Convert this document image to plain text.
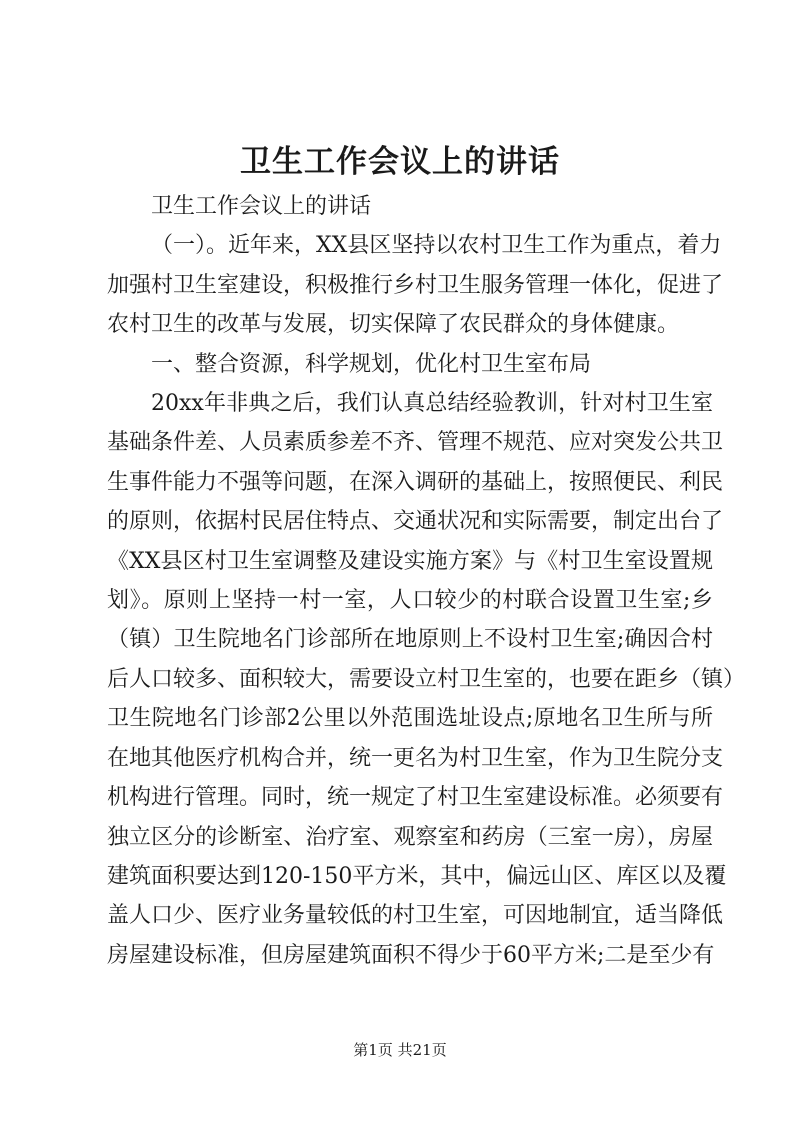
卫生工作会议上的讲话
卫生工作会议上的讲话
（一）。近年来，XX县区坚持以农村卫生工作为重点，着力
加强村卫生室建设，积极推行乡村卫生服务管理一体化，促进了
农村卫生的改革与发展，切实保障了农民群众的身体健康。
一、整合资源，科学规划，优化村卫生室布局
20xx年非典之后，我们认真总结经验教训，针对村卫生室
基础条件差、人员素质参差不齐、管理不规范、应对突发公共卫
生事件能力不强等问题，在深入调研的基础上，按照便民、利民
的原则，依据村民居住特点、交通状况和实际需要，制定出台了
《XX县区村卫生室调整及建设实施方案》与《村卫生室设置规
划》。原则上坚持一村一室，人口较少的村联合设置卫生室;乡
（镇）卫生院地名门诊部所在地原则上不设村卫生室;确因合村
后人口较多、面积较大，需要设立村卫生室的，也要在距乡（镇）
卫生院地名门诊部2公里以外范围选址设点;原地名卫生所与所
在地其他医疗机构合并，统一更名为村卫生室，作为卫生院分支
机构进行管理。同时，统一规定了村卫生室建设标准。必须要有
独立区分的诊断室、治疗室、观察室和药房（三室一房），房屋
建筑面积要达到120-150平方米，其中，偏远山区、库区以及覆
盖人口少、医疗业务量较低的村卫生室，可因地制宜，适当降低
房屋建设标准，但房屋建筑面积不得少于60平方米;二是至少有
第1页 共21页
